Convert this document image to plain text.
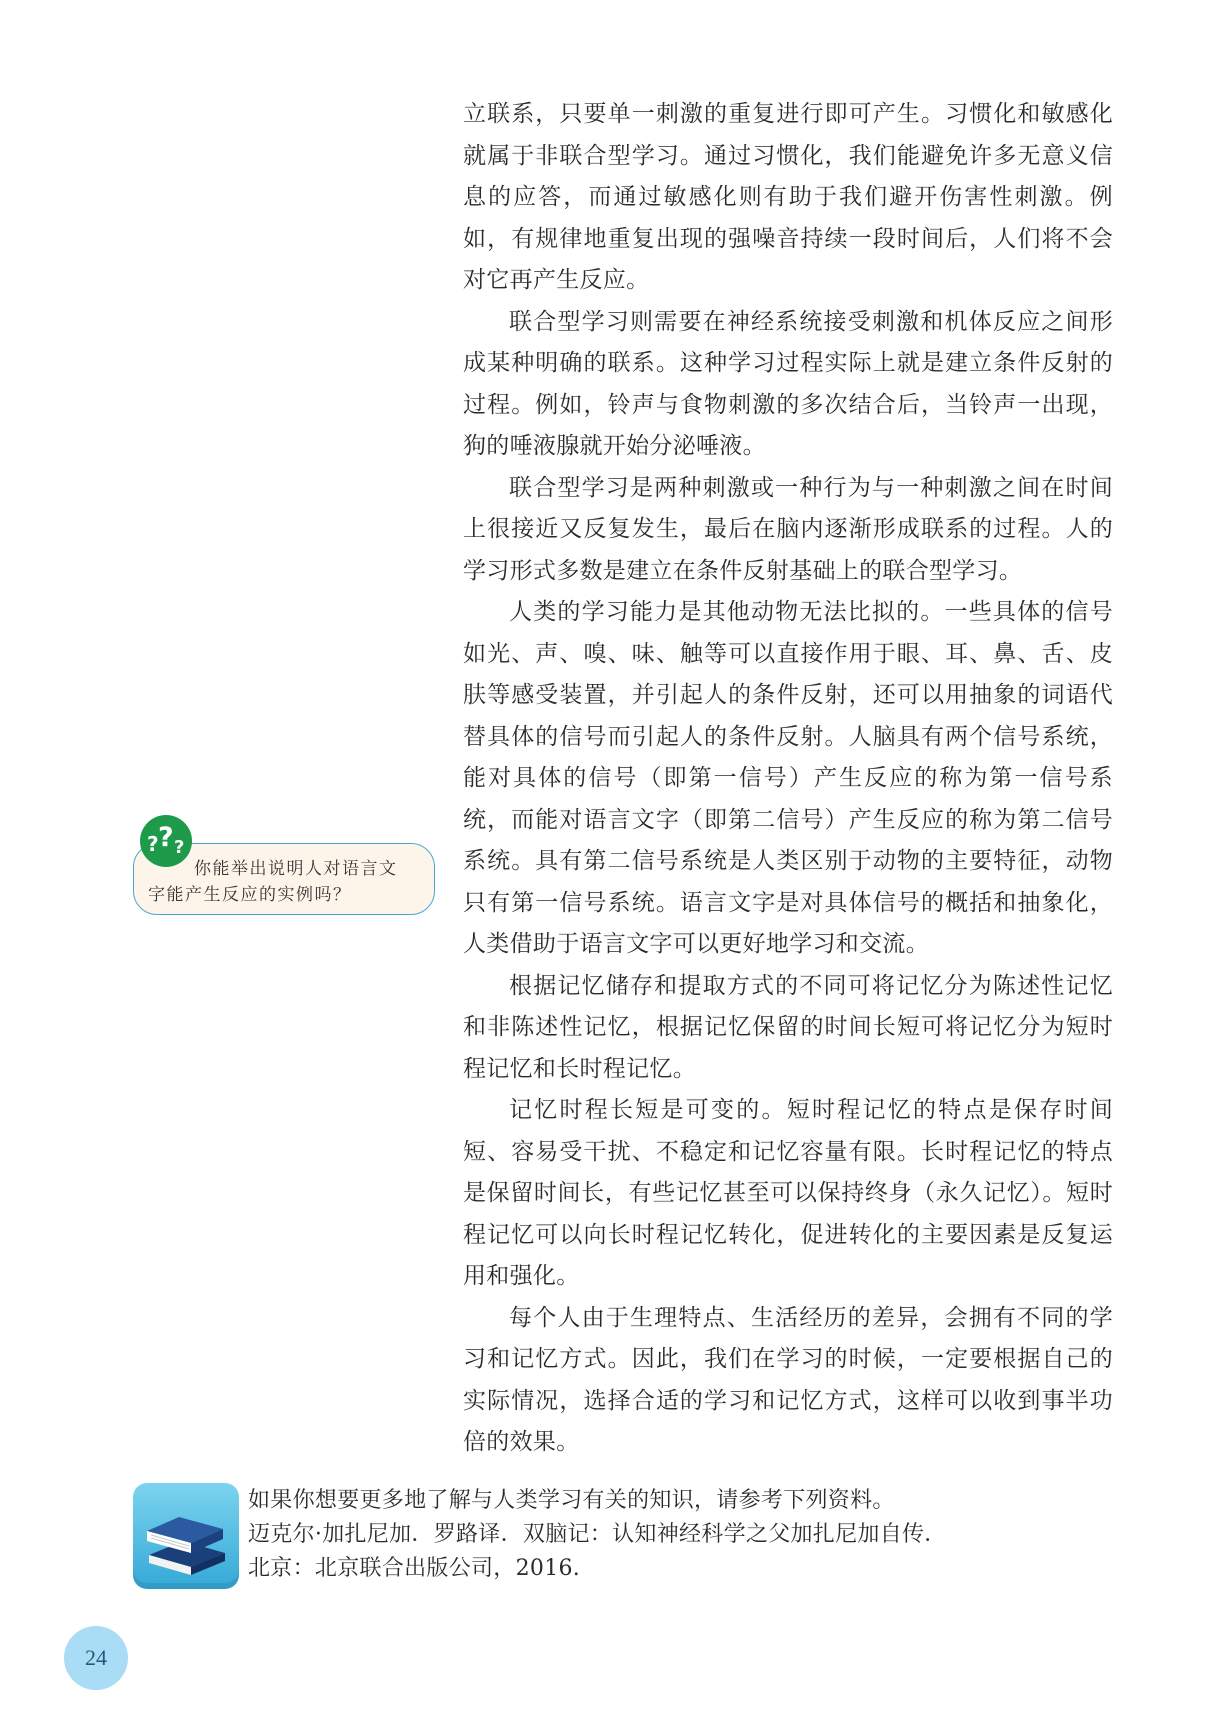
立联系，只要单一刺激的重复进行即可产生。习惯化和敏感化就属于非联合型学习。通过习惯化，我们能避免许多无意义信息的应答，而通过敏感化则有助于我们避开伤害性刺激。例如，有规律地重复出现的强噪音持续一段时间后，人们将不会对它再产生反应。

联合型学习则需要在神经系统接受刺激和机体反应之间形成某种明确的联系。这种学习过程实际上就是建立条件反射的过程。例如，铃声与食物刺激的多次结合后，当铃声一出现，狗的唾液腺就开始分泌唾液。

联合型学习是两种刺激或一种行为与一种刺激之间在时间上很接近又反复发生，最后在脑内逐渐形成联系的过程。人的学习形式多数是建立在条件反射基础上的联合型学习。

人类的学习能力是其他动物无法比拟的。一些具体的信号如光、声、嗅、味、触等可以直接作用于眼、耳、鼻、舌、皮肤等感受装置，并引起人的条件反射，还可以用抽象的词语代替具体的信号而引起人的条件反射。人脑具有两个信号系统，能对具体的信号（即第一信号）产生反应的称为第一信号系统，而能对语言文字（即第二信号）产生反应的称为第二信号系统。具有第二信号系统是人类区别于动物的主要特征，动物只有第一信号系统。语言文字是对具体信号的概括和抽象化，人类借助于语言文字可以更好地学习和交流。

根据记忆储存和提取方式的不同可将记忆分为陈述性记忆和非陈述性记忆，根据记忆保留的时间长短可将记忆分为短时程记忆和长时程记忆。

记忆时程长短是可变的。短时程记忆的特点是保存时间短、容易受干扰、不稳定和记忆容量有限。长时程记忆的特点是保留时间长，有些记忆甚至可以保持终身（永久记忆）。短时程记忆可以向长时程记忆转化，促进转化的主要因素是反复运用和强化。

每个人由于生理特点、生活经历的差异，会拥有不同的学习和记忆方式。因此，我们在学习的时候，一定要根据自己的实际情况，选择合适的学习和记忆方式，这样可以收到事半功倍的效果。

你能举出说明人对语言文
字能产生反应的实例吗？
? ? ?
如果你想要更多地了解与人类学习有关的知识，请参考下列资料。
迈克尔·加扎尼加．罗路译．双脑记：认知神经科学之父加扎尼加自传．
北京：北京联合出版公司，2016.
24
